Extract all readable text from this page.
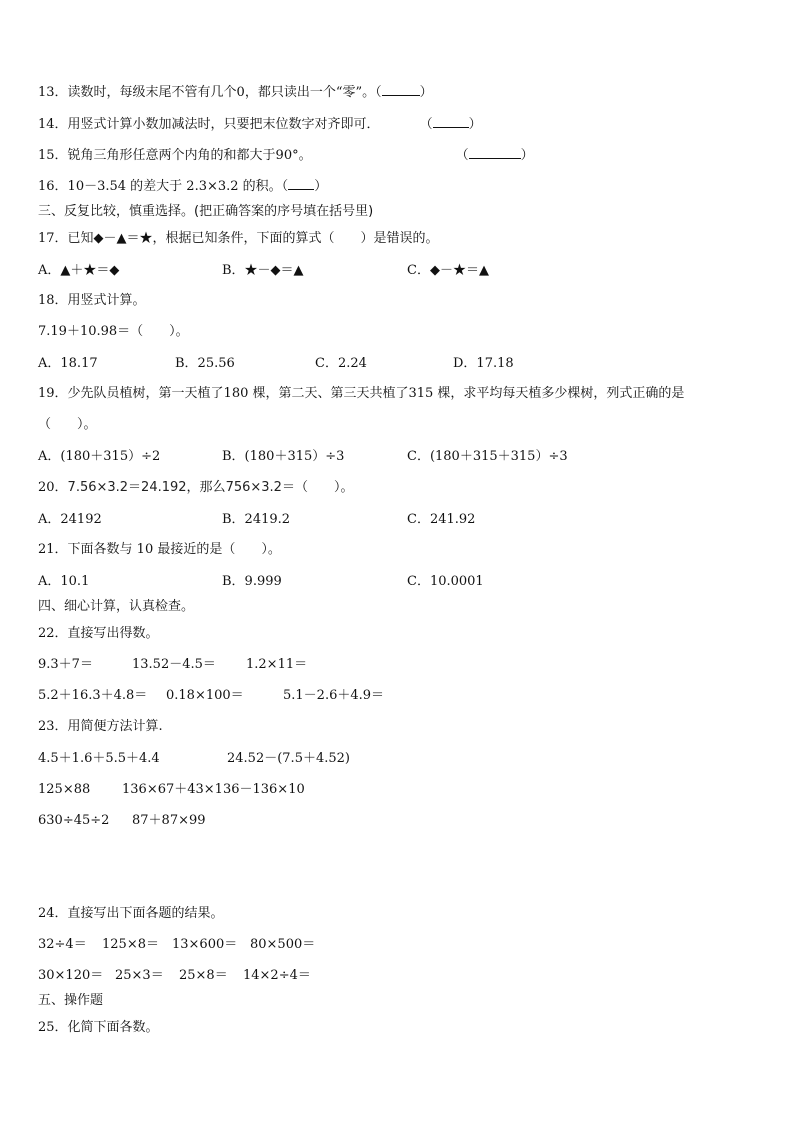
13．读数时，每级末尾不管有几个0，都只读出一个“零”。（	）
14．用竖式计算小数加减法时，只要把末位数字对齐即可．	（	）
15．锐角三角形任意两个内角的和都大于90°。	（	）
16．10－3.54 的差大于 2.3×3.2 的积。（ ）
三、反复比较，慎重选择。(把正确答案的序号填在括号里)
17．已知◆－▲＝★，根据已知条件，下面的算式（　　）是错误的。
A．▲＋★＝◆	B．★－◆＝▲	C．◆－★＝▲
18．用竖式计算。
7.19＋10.98＝（　　）。
A．18.17	B．25.56	C．2.24	D．17.18
19．少先队员植树，第一天植了180 棵，第二天、第三天共植了315 棵，求平均每天植多少棵树，列式正确的是
（　　）。
A．(180＋315）÷2	B．(180＋315）÷3	C．(180＋315＋315）÷3
20．7.56×3.2＝24.192，那么756×3.2＝（　　）。
A．24192	B．2419.2	C．241.92
21．下面各数与 10 最接近的是（　　）。
A．10.1	B．9.999	C．10.0001
四、细心计算，认真检查。
22．直接写出得数。
9.3＋7＝	13.52－4.5＝ 1.2×11＝
5.2＋16.3＋4.8＝ 0.18×100＝	5.1－2.6＋4.9＝
23．用简便方法计算.
4.5＋1.6＋5.5＋4.4	24.52－(7.5＋4.52)
125×88 136×67＋43×136－136×10
630÷45÷2 87＋87×99
24．直接写出下面各题的结果。
32÷4＝ 125×8＝ 13×600＝ 80×500＝
30×120＝ 25×3＝ 25×8＝ 14×2÷4＝
五、操作题
25．化简下面各数。
